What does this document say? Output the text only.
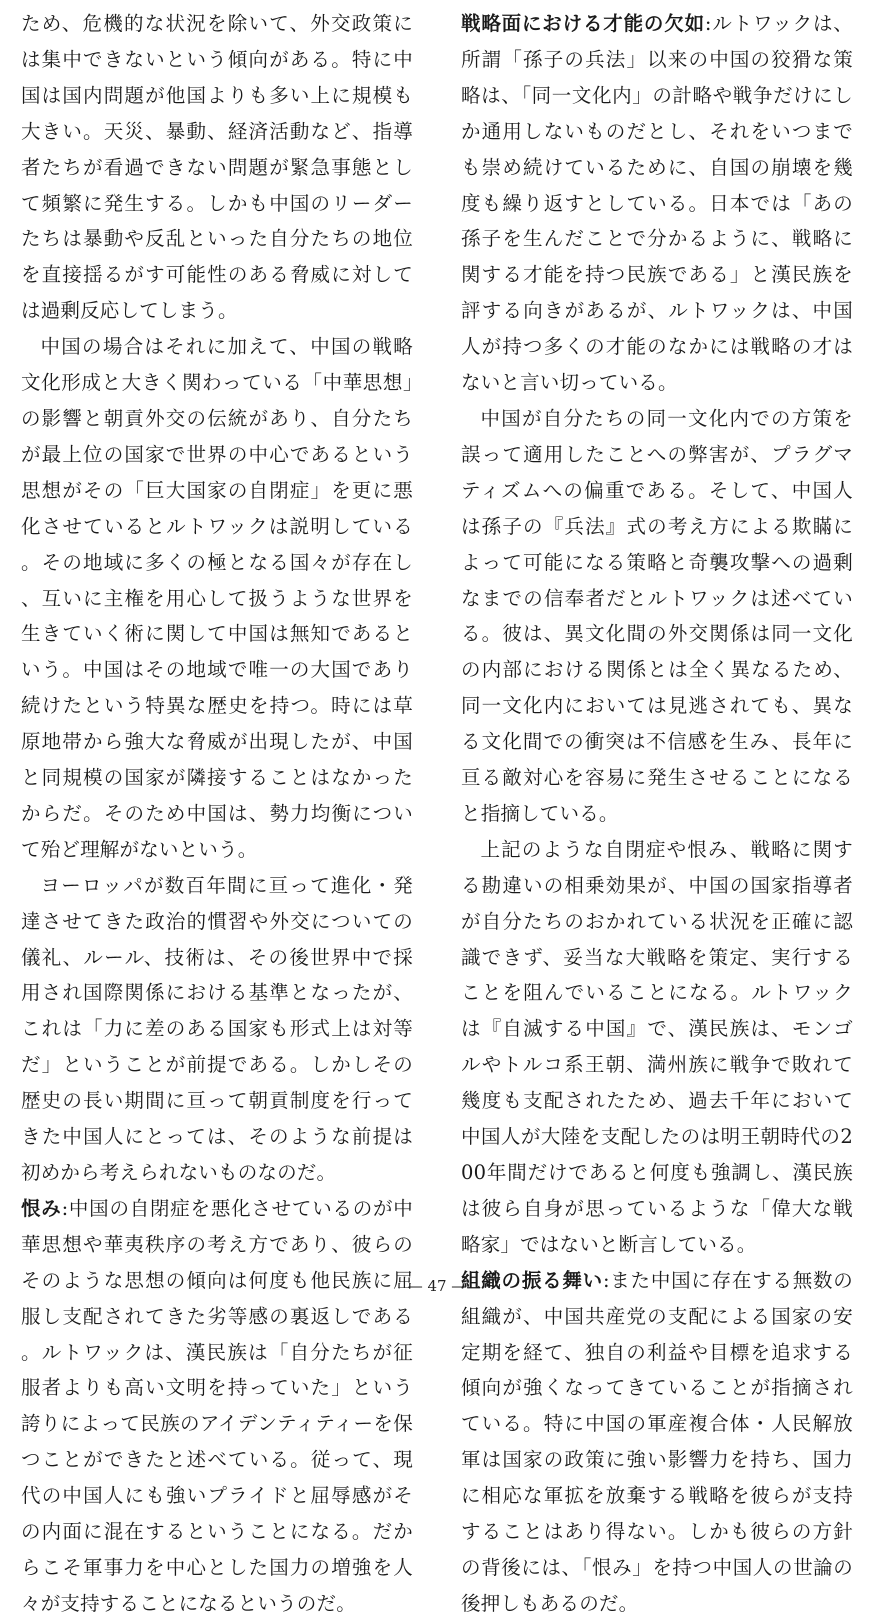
ため、危機的な状況を除いて、外交政策には集中できないという傾向がある。特に中国は国内問題が他国よりも多い上に規模も大きい。天災、暴動、経済活動など、指導者たちが看過できない問題が緊急事態として頻繁に発生する。しかも中国のリーダーたちは暴動や反乱といった自分たちの地位を直接揺るがす可能性のある脅威に対しては過剰反応してしまう。

中国の場合はそれに加えて、中国の戦略文化形成と大きく関わっている「中華思想」の影響と朝貢外交の伝統があり、自分たちが最上位の国家で世界の中心であるという思想がその「巨大国家の自閉症」を更に悪化させているとルトワックは説明している。その地域に多くの極となる国々が存在し、互いに主権を用心して扱うような世界を生きていく術に関して中国は無知であるという。中国はその地域で唯一の大国であり続けたという特異な歴史を持つ。時には草原地帯から強大な脅威が出現したが、中国と同規模の国家が隣接することはなかったからだ。そのため中国は、勢力均衡について殆ど理解がないという。

ヨーロッパが数百年間に亘って進化・発達させてきた政治的慣習や外交についての儀礼、ルール、技術は、その後世界中で採用され国際関係における基準となったが、これは「力に差のある国家も形式上は対等だ」ということが前提である。しかしその歴史の長い期間に亘って朝貢制度を行ってきた中国人にとっては、そのような前提は初めから考えられないものなのだ。

恨み:中国の自閉症を悪化させているのが中華思想や華夷秩序の考え方であり、彼らのそのような思想の傾向は何度も他民族に屈服し支配されてきた劣等感の裏返しである。ルトワックは、漢民族は「自分たちが征服者よりも高い文明を持っていた」という誇りによって民族のアイデンティティーを保つことができたと述べている。従って、現代の中国人にも強いプライドと屈辱感がその内面に混在するということになる。だからこそ軍事力を中心とした国力の増強を人々が支持することになるというのだ。

戦略面における才能の欠如:ルトワックは、所謂「孫子の兵法」以来の中国の狡猾な策略は、「同一文化内」の計略や戦争だけにしか通用しないものだとし、それをいつまでも崇め続けているために、自国の崩壊を幾度も繰り返すとしている。日本では「あの孫子を生んだことで分かるように、戦略に関する才能を持つ民族である」と漢民族を評する向きがあるが、ルトワックは、中国人が持つ多くの才能のなかには戦略の才はないと言い切っている。

中国が自分たちの同一文化内での方策を誤って適用したことへの弊害が、プラグマティズムへの偏重である。そして、中国人は孫子の『兵法』式の考え方による欺瞞によって可能になる策略と奇襲攻撃への過剰なまでの信奉者だとルトワックは述べている。彼は、異文化間の外交関係は同一文化の内部における関係とは全く異なるため、同一文化内においては見逃されても、異なる文化間での衝突は不信感を生み、長年に亘る敵対心を容易に発生させることになると指摘している。

上記のような自閉症や恨み、戦略に関する勘違いの相乗効果が、中国の国家指導者が自分たちのおかれている状況を正確に認識できず、妥当な大戦略を策定、実行することを阻んでいることになる。ルトワックは『自滅する中国』で、漢民族は、モンゴルやトルコ系王朝、満州族に戦争で敗れて幾度も支配されたため、過去千年において中国人が大陸を支配したのは明王朝時代の200年間だけであると何度も強調し、漢民族は彼ら自身が思っているような「偉大な戦略家」ではないと断言している。

組織の振る舞い:また中国に存在する無数の組織が、中国共産党の支配による国家の安定期を経て、独自の利益や目標を追求する傾向が強くなってきていることが指摘されている。特に中国の軍産複合体・人民解放軍は国家の政策に強い影響力を持ち、国力に相応な軍拡を放棄する戦略を彼らが支持することはあり得ない。しかも彼らの方針の背後には、「恨み」を持つ中国人の世論の後押しもあるのだ。

— 47 —
